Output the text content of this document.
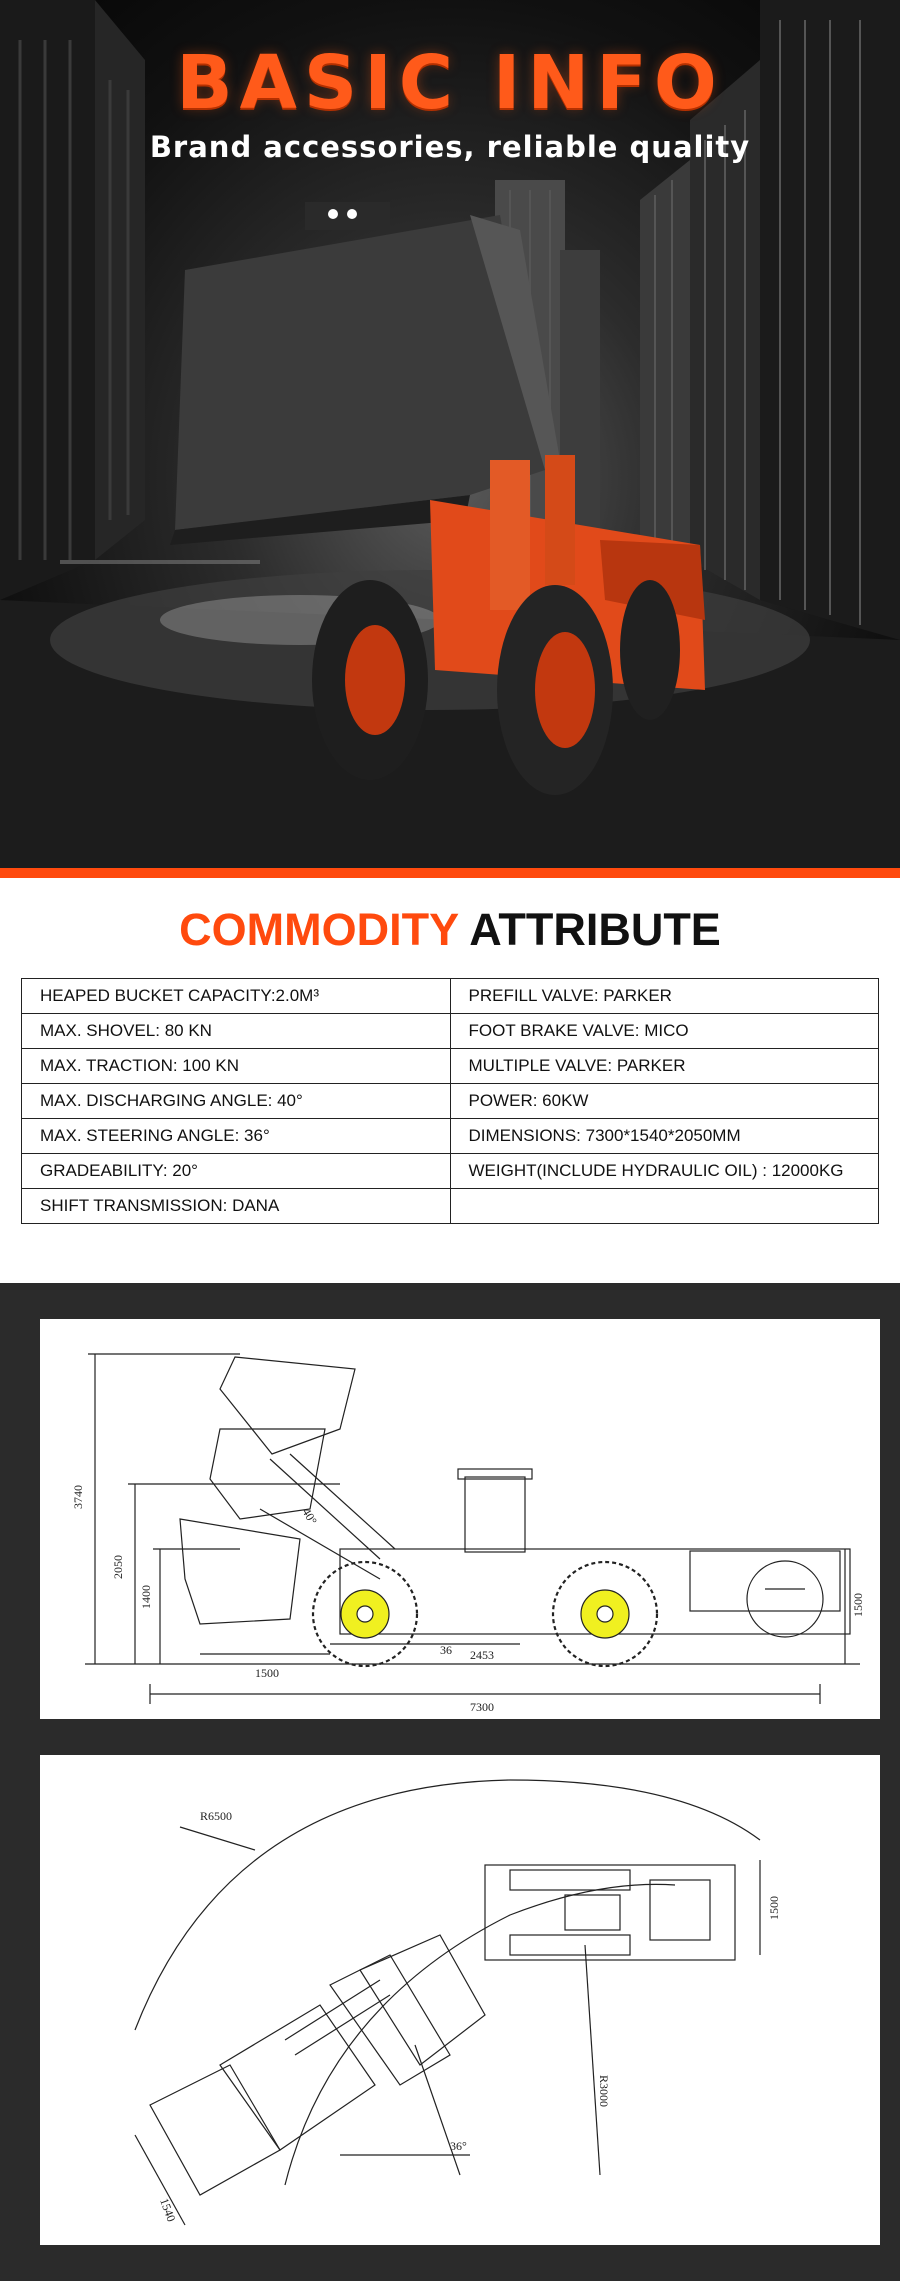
BASIC INFO
Brand accessories, reliable quality
COMMODITY ATTRIBUTE
HEAPED BUCKET CAPACITY:2.0M³	PREFILL VALVE: PARKER
MAX. SHOVEL: 80 KN	FOOT BRAKE VALVE: MICO
MAX. TRACTION: 100 KN	MULTIPLE VALVE: PARKER
MAX. DISCHARGING ANGLE: 40°	POWER: 60KW
MAX. STEERING ANGLE: 36°	DIMENSIONS: 7300*1540*2050MM
GRADEABILITY: 20°	WEIGHT(INCLUDE HYDRAULIC OIL) : 12000KG
SHIFT TRANSMISSION: DANA	
3740
2050
1400	1500
1500
2453
36
40°
7300
R6500
R3000
1540
1500
36°
